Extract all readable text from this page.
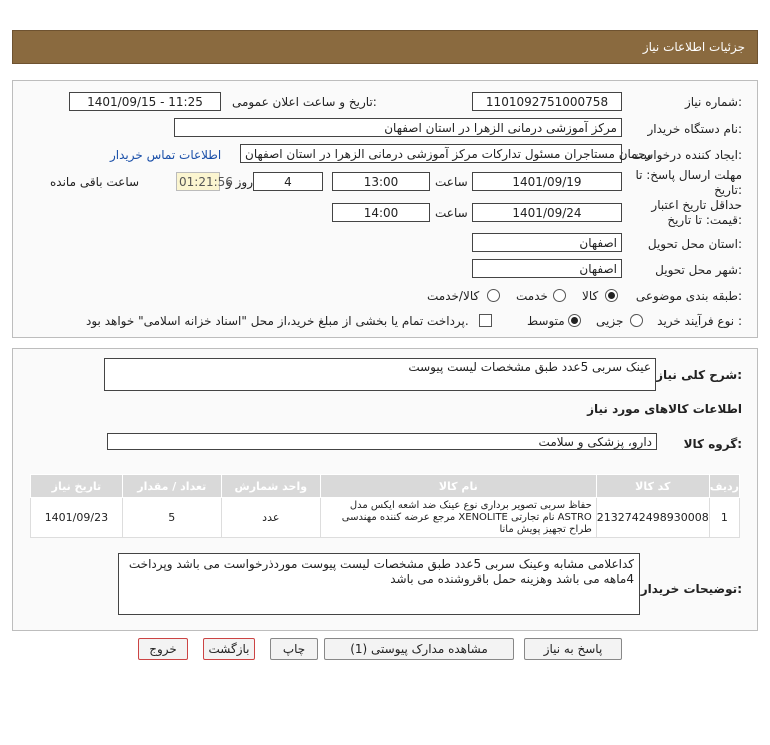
جزئیات اطلاعات نیاز
شماره نیاز:
1101092751000758
تاریخ و ساعت اعلان عمومی:
1401/09/15 - 11:25
نام دستگاه خریدار:
مرکز آموزشی درمانی الزهرا در استان اصفهان
ایجاد کننده درخواست:
رحمان مستاجران مسئول تدارکات مرکز آموزشی درمانی الزهرا در استان اصفهان
اطلاعات تماس خریدار
مهلت ارسال پاسخ: تا تاریخ:
1401/09/19
ساعت
13:00
4
روز و
01:21:56
ساعت باقی مانده
حداقل تاریخ اعتبار قیمت: تا تاریخ:
1401/09/24
ساعت
14:00
استان محل تحویل:
اصفهان
شهر محل تحویل:
اصفهان
طبقه بندی موضوعی:
کالا
خدمت
کالا/خدمت
نوع فرآیند خرید :
جزیی
متوسط
پرداخت تمام یا بخشی از مبلغ خرید،از محل "اسناد خزانه اسلامی" خواهد بود.
شرح کلی نیاز:
عینک سربی 5عدد طبق مشخصات لیست پیوست
اطلاعات کالاهای مورد نیاز
گروه کالا:
دارو، پزشکی و سلامت
ردیف	کد کالا	نام کالا	واحد شمارش	تعداد / مقدار	تاریخ نیاز
1	2132742498930008	حفاظ سربی تصویر برداری نوع عینک ضد اشعه ایکس مدل ASTRO نام تجارتی XENOLITE مرجع عرضه کننده مهندسی طراح تجهیز پویش مانا	عدد	5	1401/09/23
توضیحات خریدار:
کداعلامی مشابه وعینک سربی 5عدد طبق مشخصات لیست پیوست موردذرخواست می باشد وپرداخت 4ماهه می باشد وهزینه حمل باقروشنده می باشد
پاسخ به نیاز
مشاهده مدارک پیوستی (1)
چاپ
بازگشت
خروج
